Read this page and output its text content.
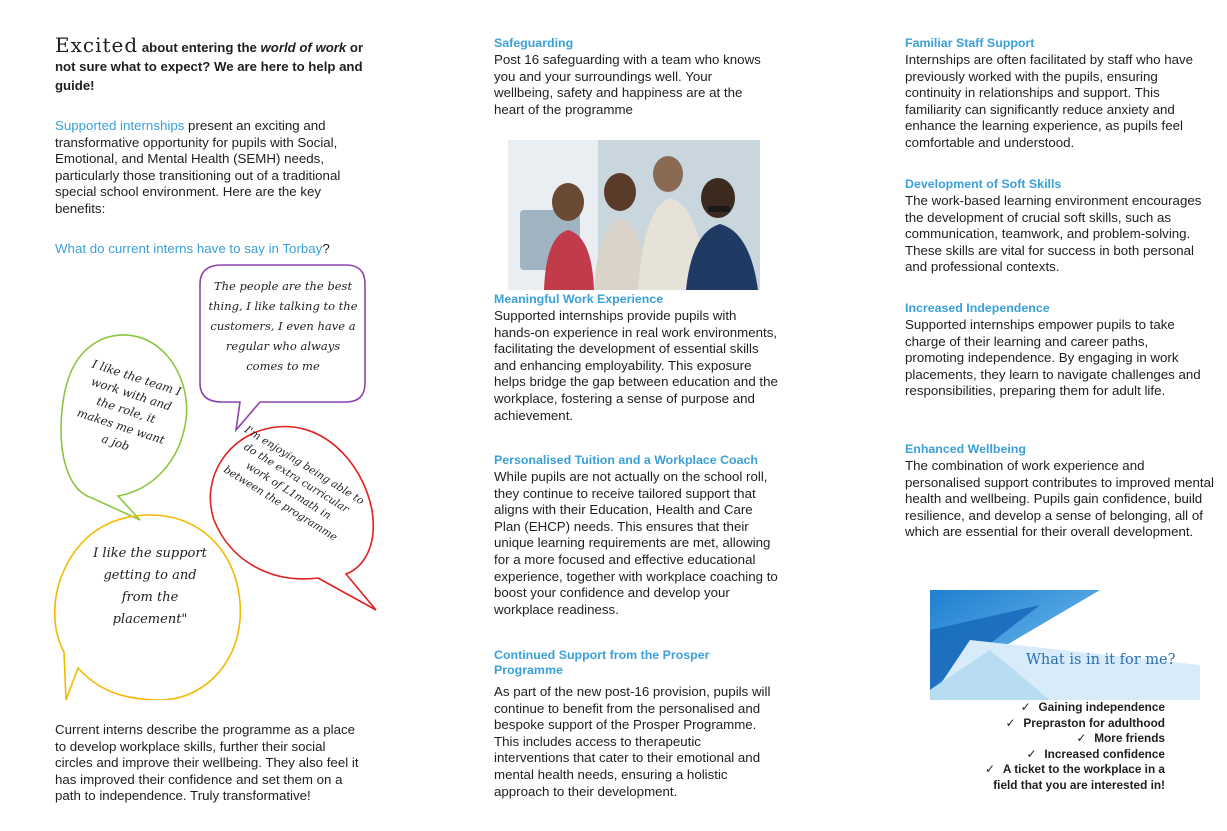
Excited about entering the world of work or not sure what to expect? We are here to help and guide!

Supported internships present an exciting and transformative opportunity for pupils with Social, Emotional, and Mental Health (SEMH) needs, particularly those transitioning out of a traditional special school environment. Here are the key benefits:

What do current interns have to say in Torbay?
The people are the best thing, I like talking to the customers, I even have a regular who always comes to me
I like the team I work with and the role, it makes me want a job	I'm enjoying being able to do the extra curricular work of L1math in between the programme
I like the support getting to and from the placement"

Current interns describe the programme as a place to develop workplace skills, further their social circles and improve their wellbeing. They also feel it has improved their confidence and set them on a path to independence. Truly transformative!

Safeguarding

Post 16 safeguarding with a team who knows you and your surroundings well. Your wellbeing, safety and happiness are at the heart of the programme

Meaningful Work Experience

Supported internships provide pupils with hands-on experience in real work environments, facilitating the development of essential skills and enhancing employability. This exposure helps bridge the gap between education and the workplace, fostering a sense of purpose and achievement.

Personalised Tuition and a Workplace Coach

While pupils are not actually on the school roll, they continue to receive tailored support that aligns with their Education, Health and Care Plan (EHCP) needs. This ensures that their unique learning requirements are met, allowing for a more focused and effective educational experience, together with workplace coaching to boost your confidence and develop your workplace readiness.

Continued Support from the Prosper Programme

As part of the new post-16 provision, pupils will continue to benefit from the personalised and bespoke support of the Prosper Programme. This includes access to therapeutic interventions that cater to their emotional and mental health needs, ensuring a holistic approach to their development.

Familiar Staff Support

Internships are often facilitated by staff who have previously worked with the pupils, ensuring continuity in relationships and support. This familiarity can significantly reduce anxiety and enhance the learning experience, as pupils feel comfortable and understood.

Development of Soft Skills

The work-based learning environment encourages the development of crucial soft skills, such as communication, teamwork, and problem-solving. These skills are vital for success in both personal and professional contexts.

Increased Independence

Supported internships empower pupils to take charge of their learning and career paths, promoting independence. By engaging in work placements, they learn to navigate challenges and responsibilities, preparing them for adult life.

Enhanced Wellbeing

The combination of work experience and personalised support contributes to improved mental health and wellbeing. Pupils gain confidence, build resilience, and develop a sense of belonging, all of which are essential for their overall development.

What is in it for me?
✓ Gaining independence
✓ Prepraston for adulthood
✓ More friends
✓ Increased confidence
✓ A ticket to the workplace in a field that you are interested in!
